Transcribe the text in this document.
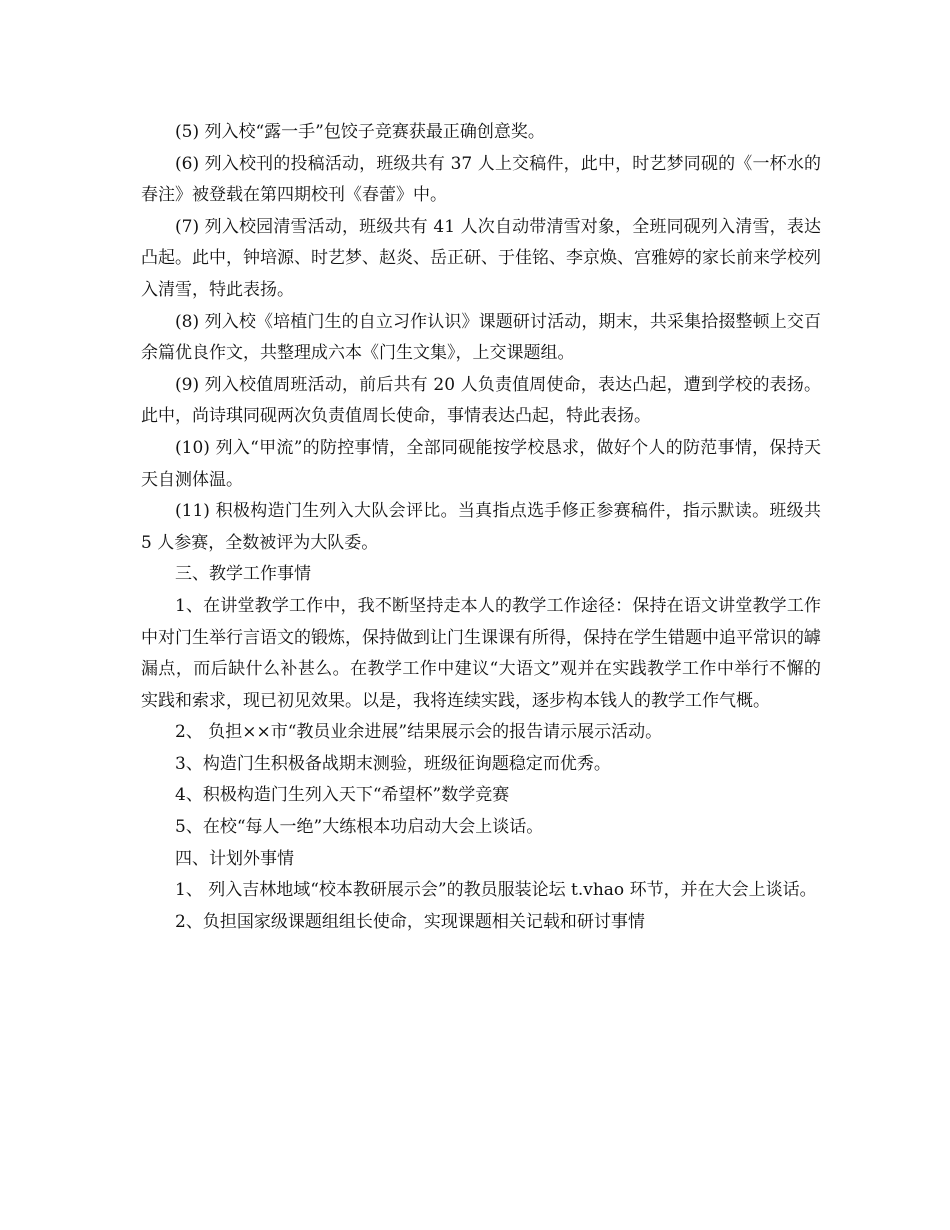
(5) 列入校“露一手”包饺子竞赛获最正确创意奖。

(6) 列入校刊的投稿活动，班级共有 37 人上交稿件，此中，时艺梦同砚的《一杯水的春注》被登载在第四期校刊《春蕾》中。

(7) 列入校园清雪活动，班级共有 41 人次自动带清雪对象，全班同砚列入清雪，表达凸起。此中，钟培源、时艺梦、赵炎、岳正研、于佳铭、李京焕、宫雅婷的家长前来学校列入清雪，特此表扬。

(8) 列入校《培植门生的自立习作认识》课题研讨活动，期末，共采集拾掇整顿上交百余篇优良作文，共整理成六本《门生文集》，上交课题组。

(9) 列入校值周班活动，前后共有 20 人负责值周使命，表达凸起，遭到学校的表扬。此中，尚诗琪同砚两次负责值周长使命，事情表达凸起，特此表扬。

(10) 列入“甲流”的防控事情，全部同砚能按学校恳求，做好个人的防范事情，保持天天自测体温。

(11) 积极构造门生列入大队会评比。当真指点选手修正参赛稿件，指示默读。班级共 5 人参赛，全数被评为大队委。

三、教学工作事情

1、在讲堂教学工作中，我不断坚持走本人的教学工作途径：保持在语文讲堂教学工作中对门生举行言语文的锻炼，保持做到让门生课课有所得，保持在学生错题中追平常识的罅漏点，而后缺什么补甚么。在教学工作中建议“大语文”观并在实践教学工作中举行不懈的实践和索求，现已初见效果。以是，我将连续实践，逐步构本钱人的教学工作气概。

2、 负担××市“教员业余进展”结果展示会的报告请示展示活动。

3、构造门生积极备战期末测验，班级征询题稳定而优秀。

4、积极构造门生列入天下“希望杯”数学竞赛

5、在校“每人一绝”大练根本功启动大会上谈话。

四、计划外事情

1、 列入吉林地域“校本教研展示会”的教员服装论坛 t.vhao 环节，并在大会上谈话。

2、负担国家级课题组组长使命，实现课题相关记载和研讨事情
